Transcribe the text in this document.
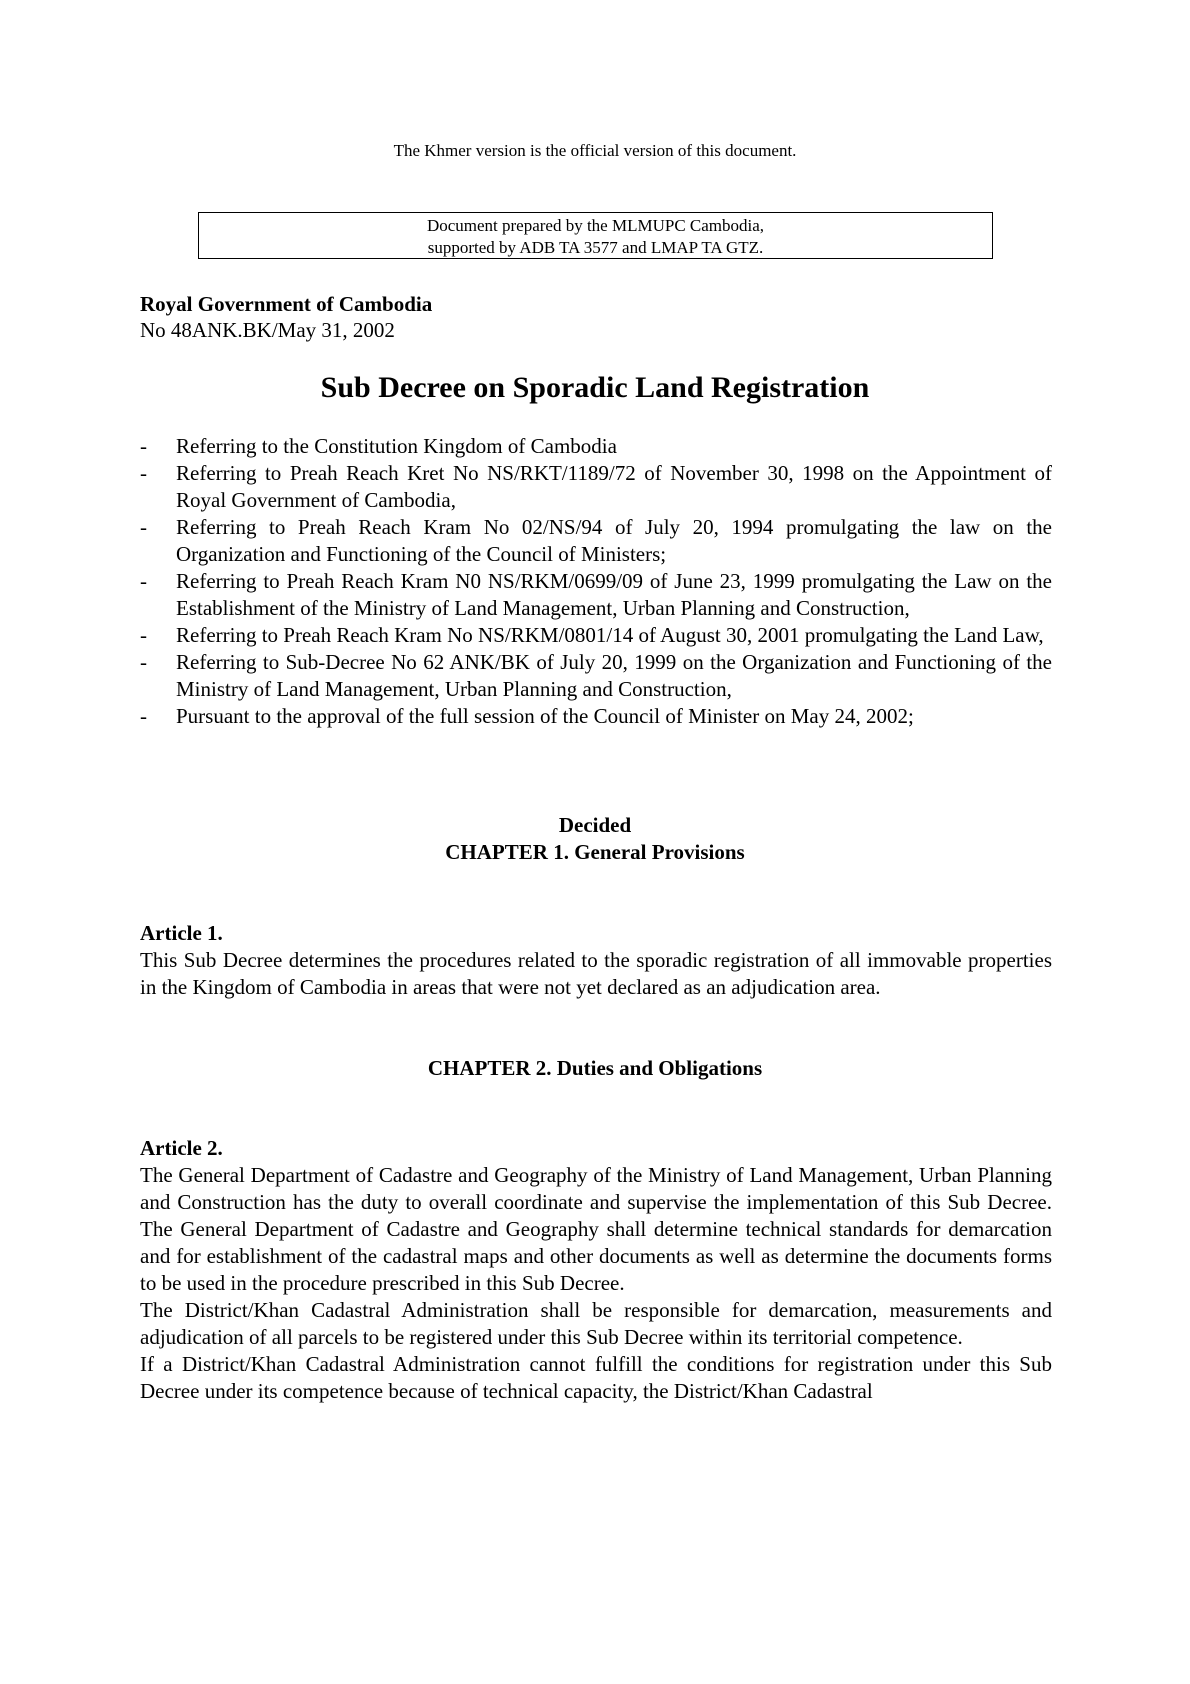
The Khmer version is the official version of this document.
Document prepared by the MLMUPC Cambodia,
supported by ADB TA 3577 and LMAP TA GTZ.
Royal Government of Cambodia
No 48ANK.BK/May 31, 2002
Sub Decree on Sporadic Land Registration
- Referring to the Constitution Kingdom of Cambodia
- Referring to Preah Reach Kret No NS/RKT/1189/72 of November 30, 1998 on the Appointment of Royal Government of Cambodia,
- Referring to Preah Reach Kram No 02/NS/94 of July 20, 1994 promulgating the law on the Organization and Functioning of the Council of Ministers;
- Referring to Preah Reach Kram N0 NS/RKM/0699/09 of June 23, 1999 promulgating the Law on the Establishment of the Ministry of Land Management, Urban Planning and Construction,
- Referring to Preah Reach Kram No NS/RKM/0801/14 of August 30, 2001 promulgating the Land Law,
- Referring to Sub-Decree No 62 ANK/BK of July 20, 1999 on the Organization and Functioning of the Ministry of Land Management, Urban Planning and Construction,
- Pursuant to the approval of the full session of the Council of Minister on May 24, 2002;
Decided
CHAPTER 1. General Provisions
Article 1.

This Sub Decree determines the procedures related to the sporadic registration of all immovable properties in the Kingdom of Cambodia in areas that were not yet declared as an adjudication area.

CHAPTER 2. Duties and Obligations
Article 2.

The General Department of Cadastre and Geography of the Ministry of Land Management, Urban Planning and Construction has the duty to overall coordinate and supervise the implementation of this Sub Decree. The General Department of Cadastre and Geography shall determine technical standards for demarcation and for establishment of the cadastral maps and other documents as well as determine the documents forms to be used in the procedure prescribed in this Sub Decree.

The District/Khan Cadastral Administration shall be responsible for demarcation, measurements and adjudication of all parcels to be registered under this Sub Decree within its territorial competence.

If a District/Khan Cadastral Administration cannot fulfill the conditions for registration under this Sub Decree under its competence because of technical capacity, the District/Khan Cadastral
